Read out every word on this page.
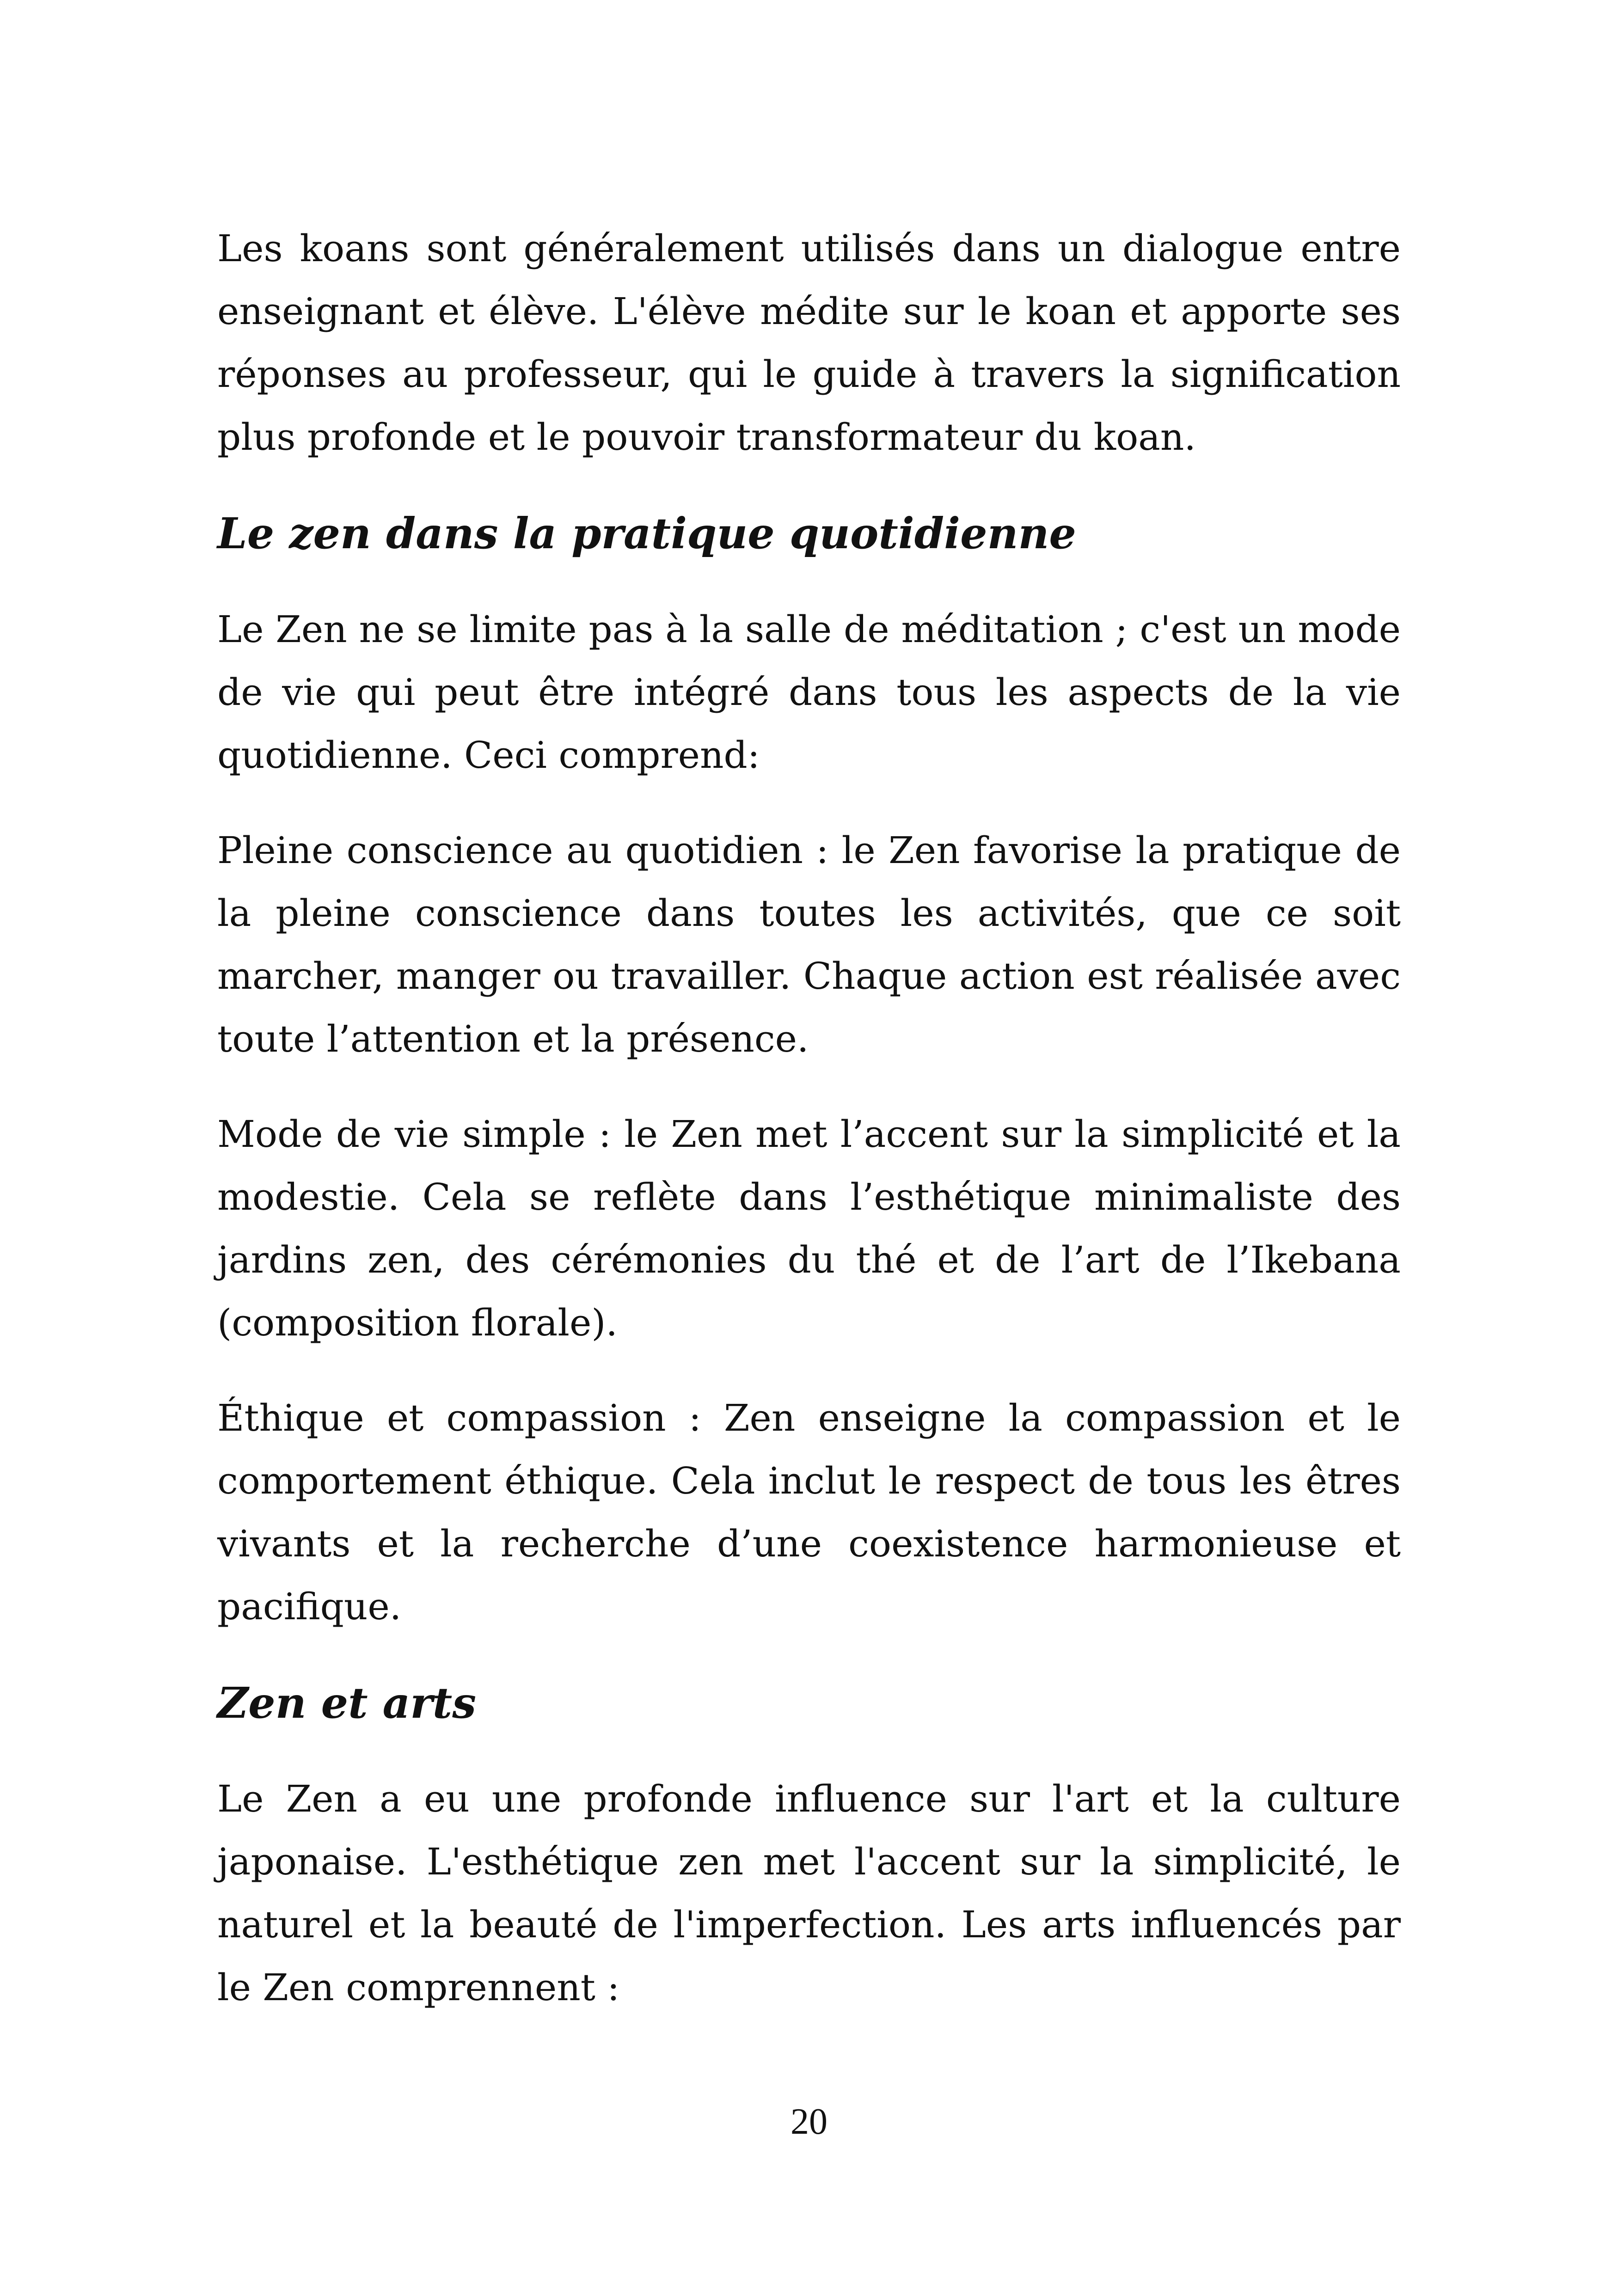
Les koans sont généralement utilisés dans un dialogue entre enseignant et élève. L'élève médite sur le koan et apporte ses réponses au professeur, qui le guide à travers la signification plus profonde et le pouvoir transformateur du koan.

Le zen dans la pratique quotidienne

Le Zen ne se limite pas à la salle de méditation ; c'est un mode de vie qui peut être intégré dans tous les aspects de la vie quotidienne. Ceci comprend:

Pleine conscience au quotidien : le Zen favorise la pratique de la pleine conscience dans toutes les activités, que ce soit marcher, manger ou travailler. Chaque action est réalisée avec toute l’attention et la présence.

Mode de vie simple : le Zen met l’accent sur la simplicité et la modestie. Cela se reflète dans l’esthétique minimaliste des jardins zen, des cérémonies du thé et de l’art de l’Ikebana (composition florale).

Éthique et compassion : Zen enseigne la compassion et le comportement éthique. Cela inclut le respect de tous les êtres vivants et la recherche d’une coexistence harmonieuse et pacifique.

Zen et arts

Le Zen a eu une profonde influence sur l'art et la culture japonaise. L'esthétique zen met l'accent sur la simplicité, le naturel et la beauté de l'imperfection. Les arts influencés par le Zen comprennent :

20
